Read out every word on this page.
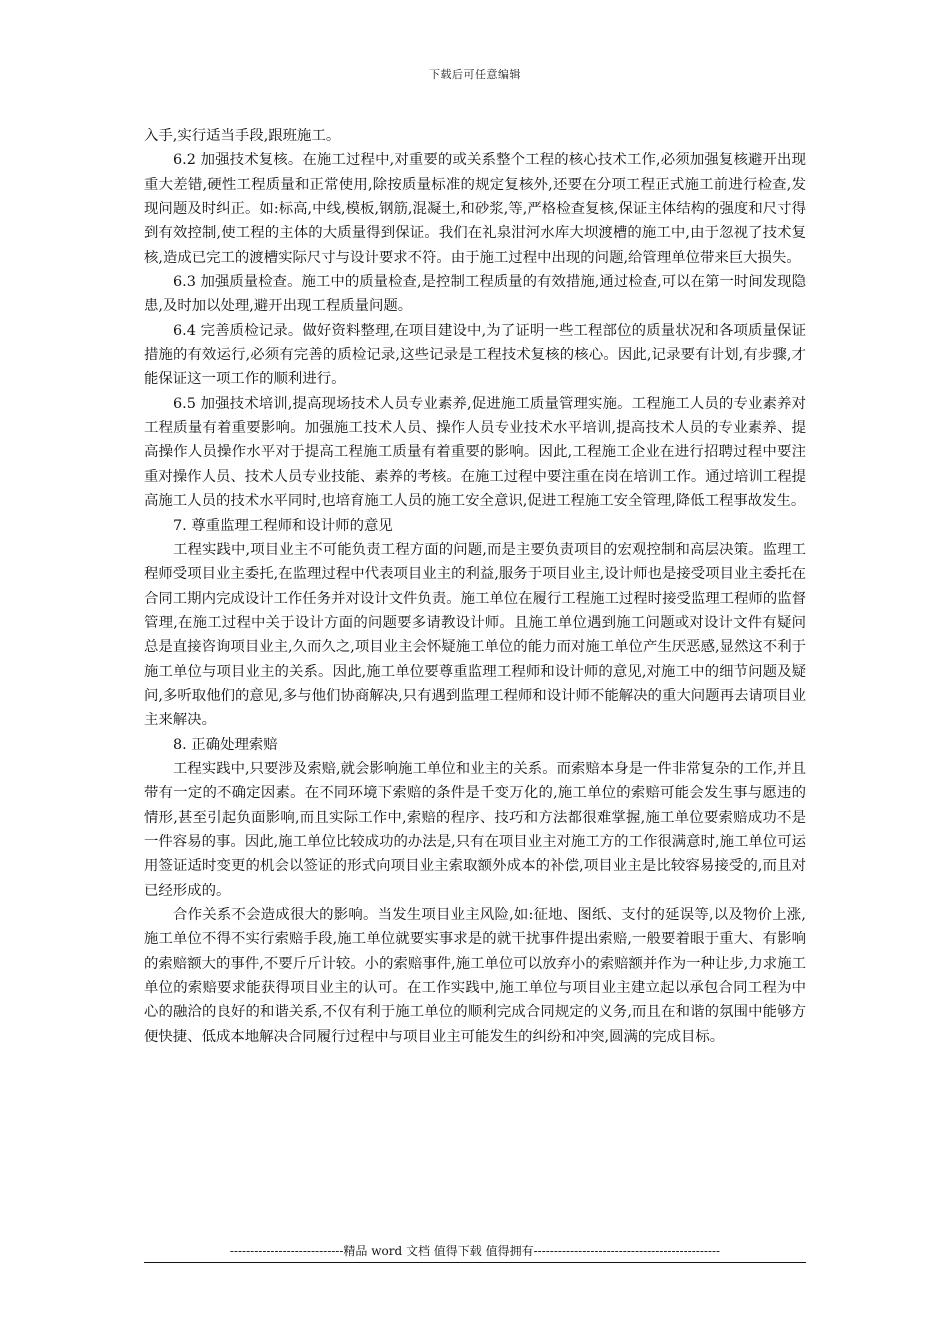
下载后可任意编辑

入手,实行适当手段,跟班施工。

6.2 加强技术复核。在施工过程中,对重要的或关系整个工程的核心技术工作,必须加强复核避开出现重大差错,硬性工程质量和正常使用,除按质量标准的规定复核外,还要在分项工程正式施工前进行检查,发现问题及时纠正。如:标高,中线,模板,钢筋,混凝土,和砂浆,等,严格检查复核,保证主体结构的强度和尺寸得到有效控制,使工程的主体的大质量得到保证。我们在礼泉泔河水库大坝渡槽的施工中,由于忽视了技术复核,造成已完工的渡槽实际尺寸与设计要求不符。由于施工过程中出现的问题,给管理单位带来巨大损失。

6.3 加强质量检查。施工中的质量检查,是控制工程质量的有效措施,通过检查,可以在第一时间发现隐患,及时加以处理,避开出现工程质量问题。

6.4 完善质检记录。做好资料整理,在项目建设中,为了证明一些工程部位的质量状况和各项质量保证措施的有效运行,必须有完善的质检记录,这些记录是工程技术复核的核心。因此,记录要有计划,有步骤,才能保证这一项工作的顺利进行。

6.5 加强技术培训,提高现场技术人员专业素养,促进施工质量管理实施。工程施工人员的专业素养对工程质量有着重要影响。加强施工技术人员、操作人员专业技术水平培训,提高技术人员的专业素养、提高操作人员操作水平对于提高工程施工质量有着重要的影响。因此,工程施工企业在进行招聘过程中要注重对操作人员、技术人员专业技能、素养的考核。在施工过程中要注重在岗在培训工作。通过培训工程提高施工人员的技术水平同时,也培育施工人员的施工安全意识,促进工程施工安全管理,降低工程事故发生。

7. 尊重监理工程师和设计师的意见

工程实践中,项目业主不可能负责工程方面的问题,而是主要负责项目的宏观控制和高层决策。监理工程师受项目业主委托,在监理过程中代表项目业主的利益,服务于项目业主,设计师也是接受项目业主委托在合同工期内完成设计工作任务并对设计文件负责。施工单位在履行工程施工过程时接受监理工程师的监督管理,在施工过程中关于设计方面的问题要多请教设计师。且施工单位遇到施工问题或对设计文件有疑问总是直接咨询项目业主,久而久之,项目业主会怀疑施工单位的能力而对施工单位产生厌恶感,显然这不利于施工单位与项目业主的关系。因此,施工单位要尊重监理工程师和设计师的意见,对施工中的细节问题及疑问,多听取他们的意见,多与他们协商解决,只有遇到监理工程师和设计师不能解决的重大问题再去请项目业主来解决。

8. 正确处理索赔

工程实践中,只要涉及索赔,就会影响施工单位和业主的关系。而索赔本身是一件非常复杂的工作,并且带有一定的不确定因素。在不同环境下索赔的条件是千变万化的,施工单位的索赔可能会发生事与愿违的情形,甚至引起负面影响,而且实际工作中,索赔的程序、技巧和方法都很难掌握,施工单位要索赔成功不是一件容易的事。因此,施工单位比较成功的办法是,只有在项目业主对施工方的工作很满意时,施工单位可运用签证适时变更的机会以签证的形式向项目业主索取额外成本的补偿,项目业主是比较容易接受的,而且对已经形成的。

合作关系不会造成很大的影响。当发生项目业主风险,如:征地、图纸、支付的延误等,以及物价上涨,施工单位不得不实行索赔手段,施工单位就要实事求是的就干扰事件提出索赔,一般要着眼于重大、有影响的索赔额大的事件,不要斤斤计较。小的索赔事件,施工单位可以放弃小的索赔额并作为一种让步,力求施工单位的索赔要求能获得项目业主的认可。在工作实践中,施工单位与项目业主建立起以承包合同工程为中心的融洽的良好的和谐关系,不仅有利于施工单位的顺利完成合同规定的义务,而且在和谐的氛围中能够方便快捷、低成本地解决合同履行过程中与项目业主可能发生的纠纷和冲突,圆满的完成目标。

----------------------------精品 word 文档 值得下载 值得拥有----------------------------------------------
